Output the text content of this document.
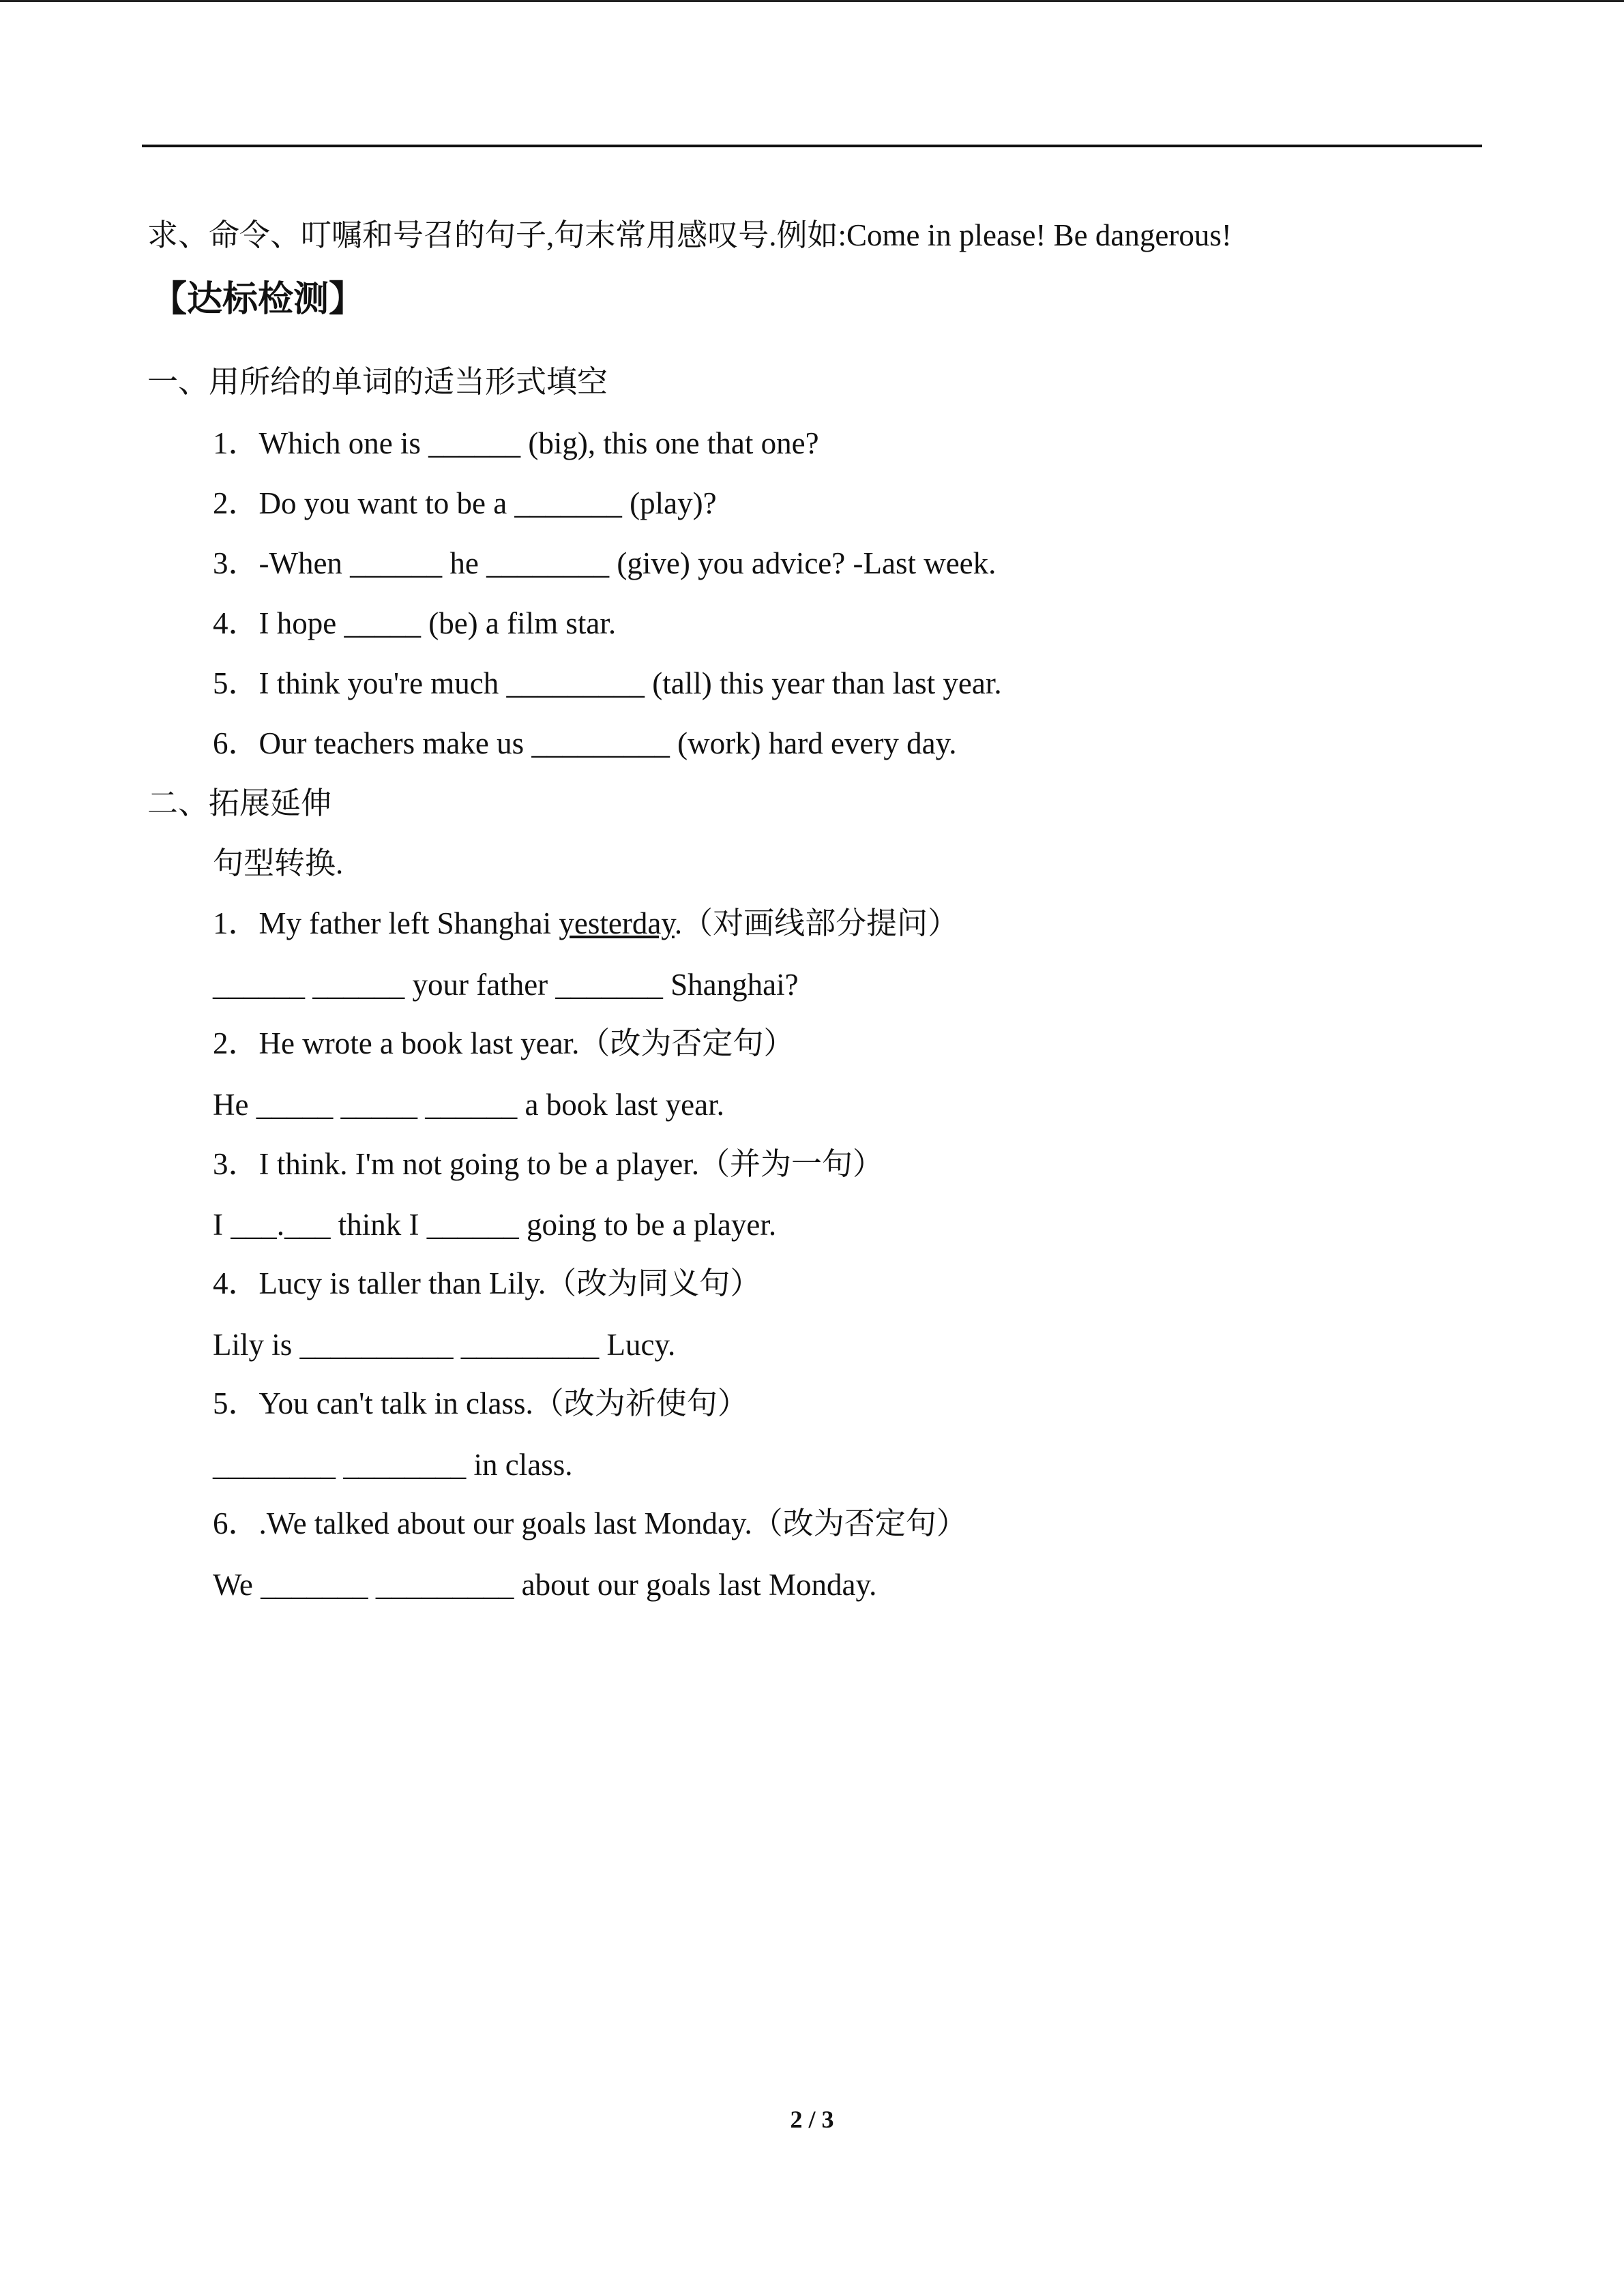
求、命令、叮嘱和号召的句子,句末常用感叹号.例如:Come in please! Be dangerous!
【达标检测】
一、用所给的单词的适当形式填空
1．Which one is ______ (big), this one that one?
2．Do you want to be a _______ (play)?
3．-When ______ he ________ (give) you advice? -Last week.
4．I hope _____ (be) a film star.
5．I think you're much _________ (tall) this year than last year.
6．Our teachers make us _________ (work) hard every day.
二、拓展延伸
句型转换.
1．My father left Shanghai yesterday.（对画线部分提问）
______ ______ your father _______ Shanghai?
2．He wrote a book last year.（改为否定句）
He _____ _____ ______ a book last year.
3．I think. I'm not going to be a player.（并为一句）
I ___.___ think I ______ going to be a player.
4．Lucy is taller than Lily.（改为同义句）
Lily is __________ _________ Lucy.
5．You can't talk in class.（改为祈使句）
________ ________ in class.
6．.We talked about our goals last Monday.（改为否定句）
We _______ _________ about our goals last Monday.
2 / 3
